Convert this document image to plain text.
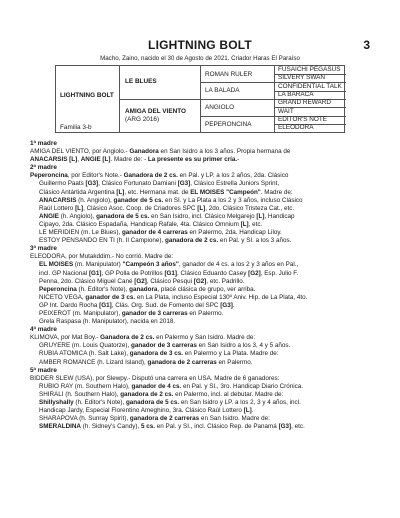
LIGHTNING BOLT	3
Macho, Zaino, nacido el 30 de Agosto de 2021. Criador Haras El Paraíso
LIGHTNING BOLT
Familia 3-b
LE BLUES
AMIGA DEL VIENTO
(ARG 2016)
ROMAN RULER
LA BALADA
ANGIOLO
PEPERONCINA
FUSAICHI PEGASUS
SILVERY SWAN
CONFIDENTIAL TALK
LA BARACA
GRAND REWARD
WAIT
EDITOR'S NOTE
ELEODORA
1ª madre
AMIGA DEL VIENTO, por Angiolo.- Ganadora en San Isidro a los 3 años. Propia hermana de
ANACARSIS [L], ANGIE [L]. Madre de: - La presente es su primer cría.-
2ª madre
Peperoncina, por Editor's Note.- Ganadora de 2 cs. en Pal. y LP. a los 2 años, 2da. Clásico
Guillermo Paats [G3], Clásico Fortunato Damiani [G3], Clásico Estrella Juniors Sprint,
Clásico Antártida Argentina [L], etc. Hermana mat. de EL MOISES "Campeón". Madre de:
ANACARSIS (h. Angiolo), ganador de 5 cs. en SI. y La Plata a los 2 y 3 años, incluso Clásico
Raúl Lottero [L], Clásico Asoc. Coop. de Criadores SPC [L], 2do. Clásico Tristeza Cat., etc.
ANGIE (h. Angiolo), ganadora de 5 cs. en San Isidro, incl. Clásico Melgarejo [L], Handicap
Cipayo, 2da. Clásico Espadaña, Handicap Rafale, 4ta. Clásico Omnium [L], etc.
LE MERIDIEN (m. Le Blues), ganador de 4 carreras en Palermo, 2da. Handicap Liloy.
ESTOY PENSANDO EN TI (h. Il Campione), ganadora de 2 cs. en Pal. y SI. a los 3 años.
3ª madre
ELEODORA, por Mutakddim.- No corrió. Madre de:
EL MOISES (m. Manipulator) "Campeón 3 años", ganador de 4 cs. a los 2 y 3 años en Pal.,
incl. GP Nacional [G1], GP Polla de Potrillos [G1], Clásico Eduardo Casey [G2], Esp. Julio F.
Penna, 2do. Clásico Miguel Cané [G2], Clásico Pesqui [G2], etc. Padrillo.
Peperoncina (h. Editor's Note), ganadora, placé clásica de grupo, ver arriba.
NICETO VEGA, ganador de 3 cs. en La Plata, incluso Especial 130º Aniv. Hip. de La Plata, 4to.
GP Int. Dardo Rocha [G1], Clás. Org. Sud. de Fomento del SPC [G3].
PEIXEROT (m. Manipulator), ganador de 3 carreras en Palermo.
Grela Raspasa (h. Manipulator), nacida en 2018.
4ª madre
KLIMOVA, por Mat Boy.- Ganadora de 2 cs. en Palermo y San Isidro. Madre de:
GRUYERE (m. Louis Quatorze), ganador de 3 carreras en San Isidro a los 3, 4 y 5 años.
RUBIA ATOMICA (h. Salt Lake), ganadora de 3 cs. en Palermo y La Plata. Madre de:
AMBER ROMANCE (h. Lizard Island), ganadora de 2 carreras en Palermo.
5ª madre
BIDDER SLEW (USA), por Slewpy.- Disputó una carrera en USA. Madre de 6 ganadores:
RUBIO RAY (m. Southern Halo), ganador de 4 cs. en Pal. y SI., 3ro. Handicap Diario Crónica.
SHIRALI (h. Southern Halo), ganadora de 2 cs. en Palermo, incl. al debutar. Madre de:
Shillyshally (h. Editor's Note), ganadora de 5 cs. en San Isidro y LP. a los 2, 3 y 4 años, incl.
Handicap Jardy, Especial Florentino Ameghino, 3ra. Clásico Raúl Lottero [L].
SHARAPOVA (h. Sunray Spirit), ganadora de 2 carreras en San Isidro. Madre de:
SMERALDINA (h. Sidney's Candy), 5 cs. en Pal. y SI., incl. Clásico Rep. de Panamá [G3], etc.
